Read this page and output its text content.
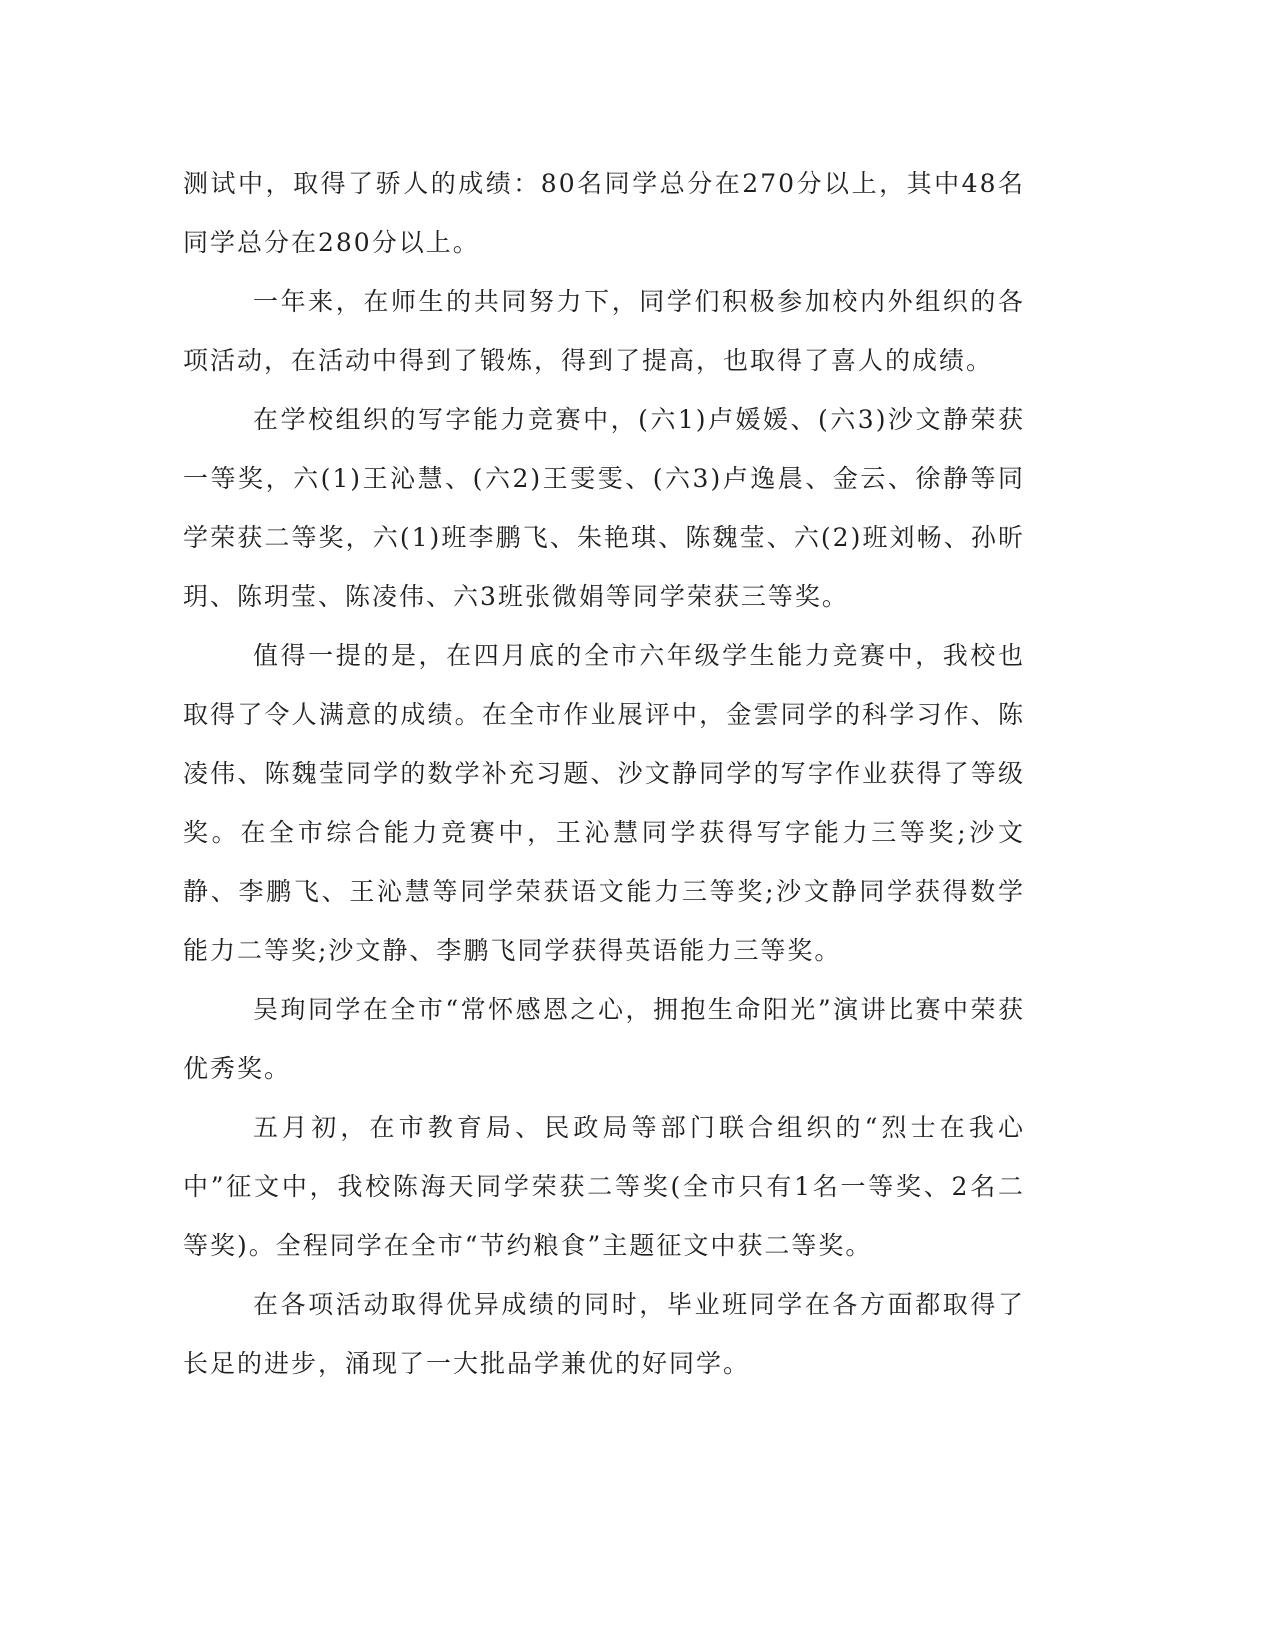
测试中，取得了骄人的成绩：80名同学总分在270分以上，其中48名同学总分在280分以上。

一年来，在师生的共同努力下，同学们积极参加校内外组织的各项活动，在活动中得到了锻炼，得到了提高，也取得了喜人的成绩。

在学校组织的写字能力竞赛中，(六1)卢媛媛、(六3)沙文静荣获一等奖，六(1)王沁慧、(六2)王雯雯、(六3)卢逸晨、金云、徐静等同学荣获二等奖，六(1)班李鹏飞、朱艳琪、陈魏莹、六(2)班刘畅、孙昕玥、陈玥莹、陈凌伟、六3班张微娟等同学荣获三等奖。

值得一提的是，在四月底的全市六年级学生能力竞赛中，我校也取得了令人满意的成绩。在全市作业展评中，金雲同学的科学习作、陈凌伟、陈魏莹同学的数学补充习题、沙文静同学的写字作业获得了等级奖。在全市综合能力竞赛中，王沁慧同学获得写字能力三等奖;沙文静、李鹏飞、王沁慧等同学荣获语文能力三等奖;沙文静同学获得数学能力二等奖;沙文静、李鹏飞同学获得英语能力三等奖。

吴珣同学在全市“常怀感恩之心，拥抱生命阳光”演讲比赛中荣获优秀奖。

五月初，在市教育局、民政局等部门联合组织的“烈士在我心中”征文中，我校陈海天同学荣获二等奖(全市只有1名一等奖、2名二等奖)。全程同学在全市“节约粮食”主题征文中获二等奖。

在各项活动取得优异成绩的同时，毕业班同学在各方面都取得了长足的进步，涌现了一大批品学兼优的好同学。
